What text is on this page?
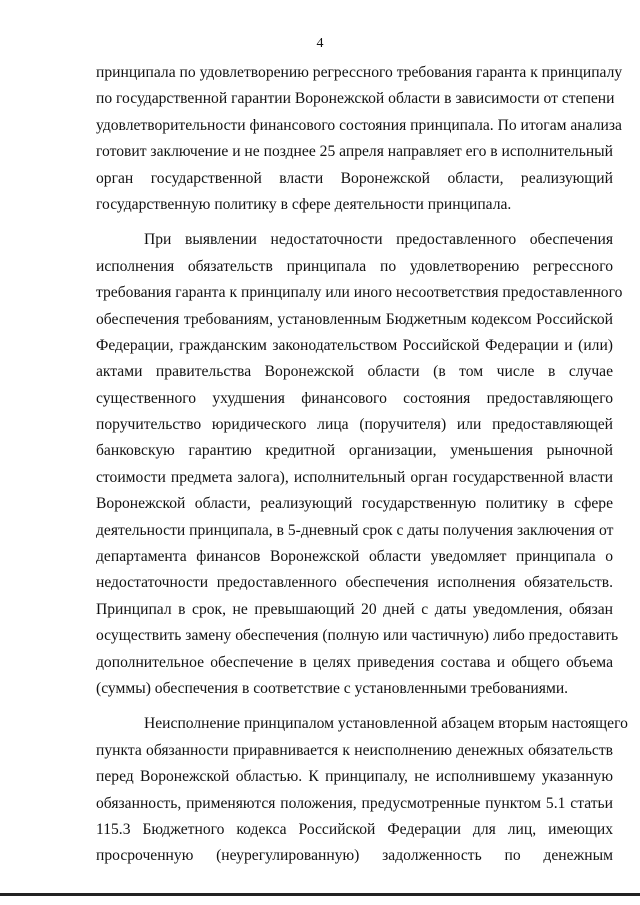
4

принципала по удовлетворению регрессного требования гаранта к принципалу
по государственной гарантии Воронежской области в зависимости от степени
удовлетворительности финансового состояния принципала. По итогам анализа
готовит заключение и не позднее 25 апреля направляет его в исполнительный
орган государственной власти Воронежской области, реализующий
государственную политику в сфере деятельности принципала.

При выявлении недостаточности предоставленного обеспечения
исполнения обязательств принципала по удовлетворению регрессного
требования гаранта к принципалу или иного несоответствия предоставленного
обеспечения требованиям, установленным Бюджетным кодексом Российской
Федерации, гражданским законодательством Российской Федерации и (или)
актами правительства Воронежской области (в том числе в случае
существенного ухудшения финансового состояния предоставляющего
поручительство юридического лица (поручителя) или предоставляющей
банковскую гарантию кредитной организации, уменьшения рыночной
стоимости предмета залога), исполнительный орган государственной власти
Воронежской области, реализующий государственную политику в сфере
деятельности принципала, в 5-дневный срок с даты получения заключения от
департамента финансов Воронежской области уведомляет принципала о
недостаточности предоставленного обеспечения исполнения обязательств.
Принципал в срок, не превышающий 20 дней с даты уведомления, обязан
осуществить замену обеспечения (полную или частичную) либо предоставить
дополнительное обеспечение в целях приведения состава и общего объема
(суммы) обеспечения в соответствие с установленными требованиями.

Неисполнение принципалом установленной абзацем вторым настоящего
пункта обязанности приравнивается к неисполнению денежных обязательств
перед Воронежской областью. К принципалу, не исполнившему указанную
обязанность, применяются положения, предусмотренные пунктом 5.1 статьи
115.3 Бюджетного кодекса Российской Федерации для лиц, имеющих
просроченную (неурегулированную) задолженность по денежным
